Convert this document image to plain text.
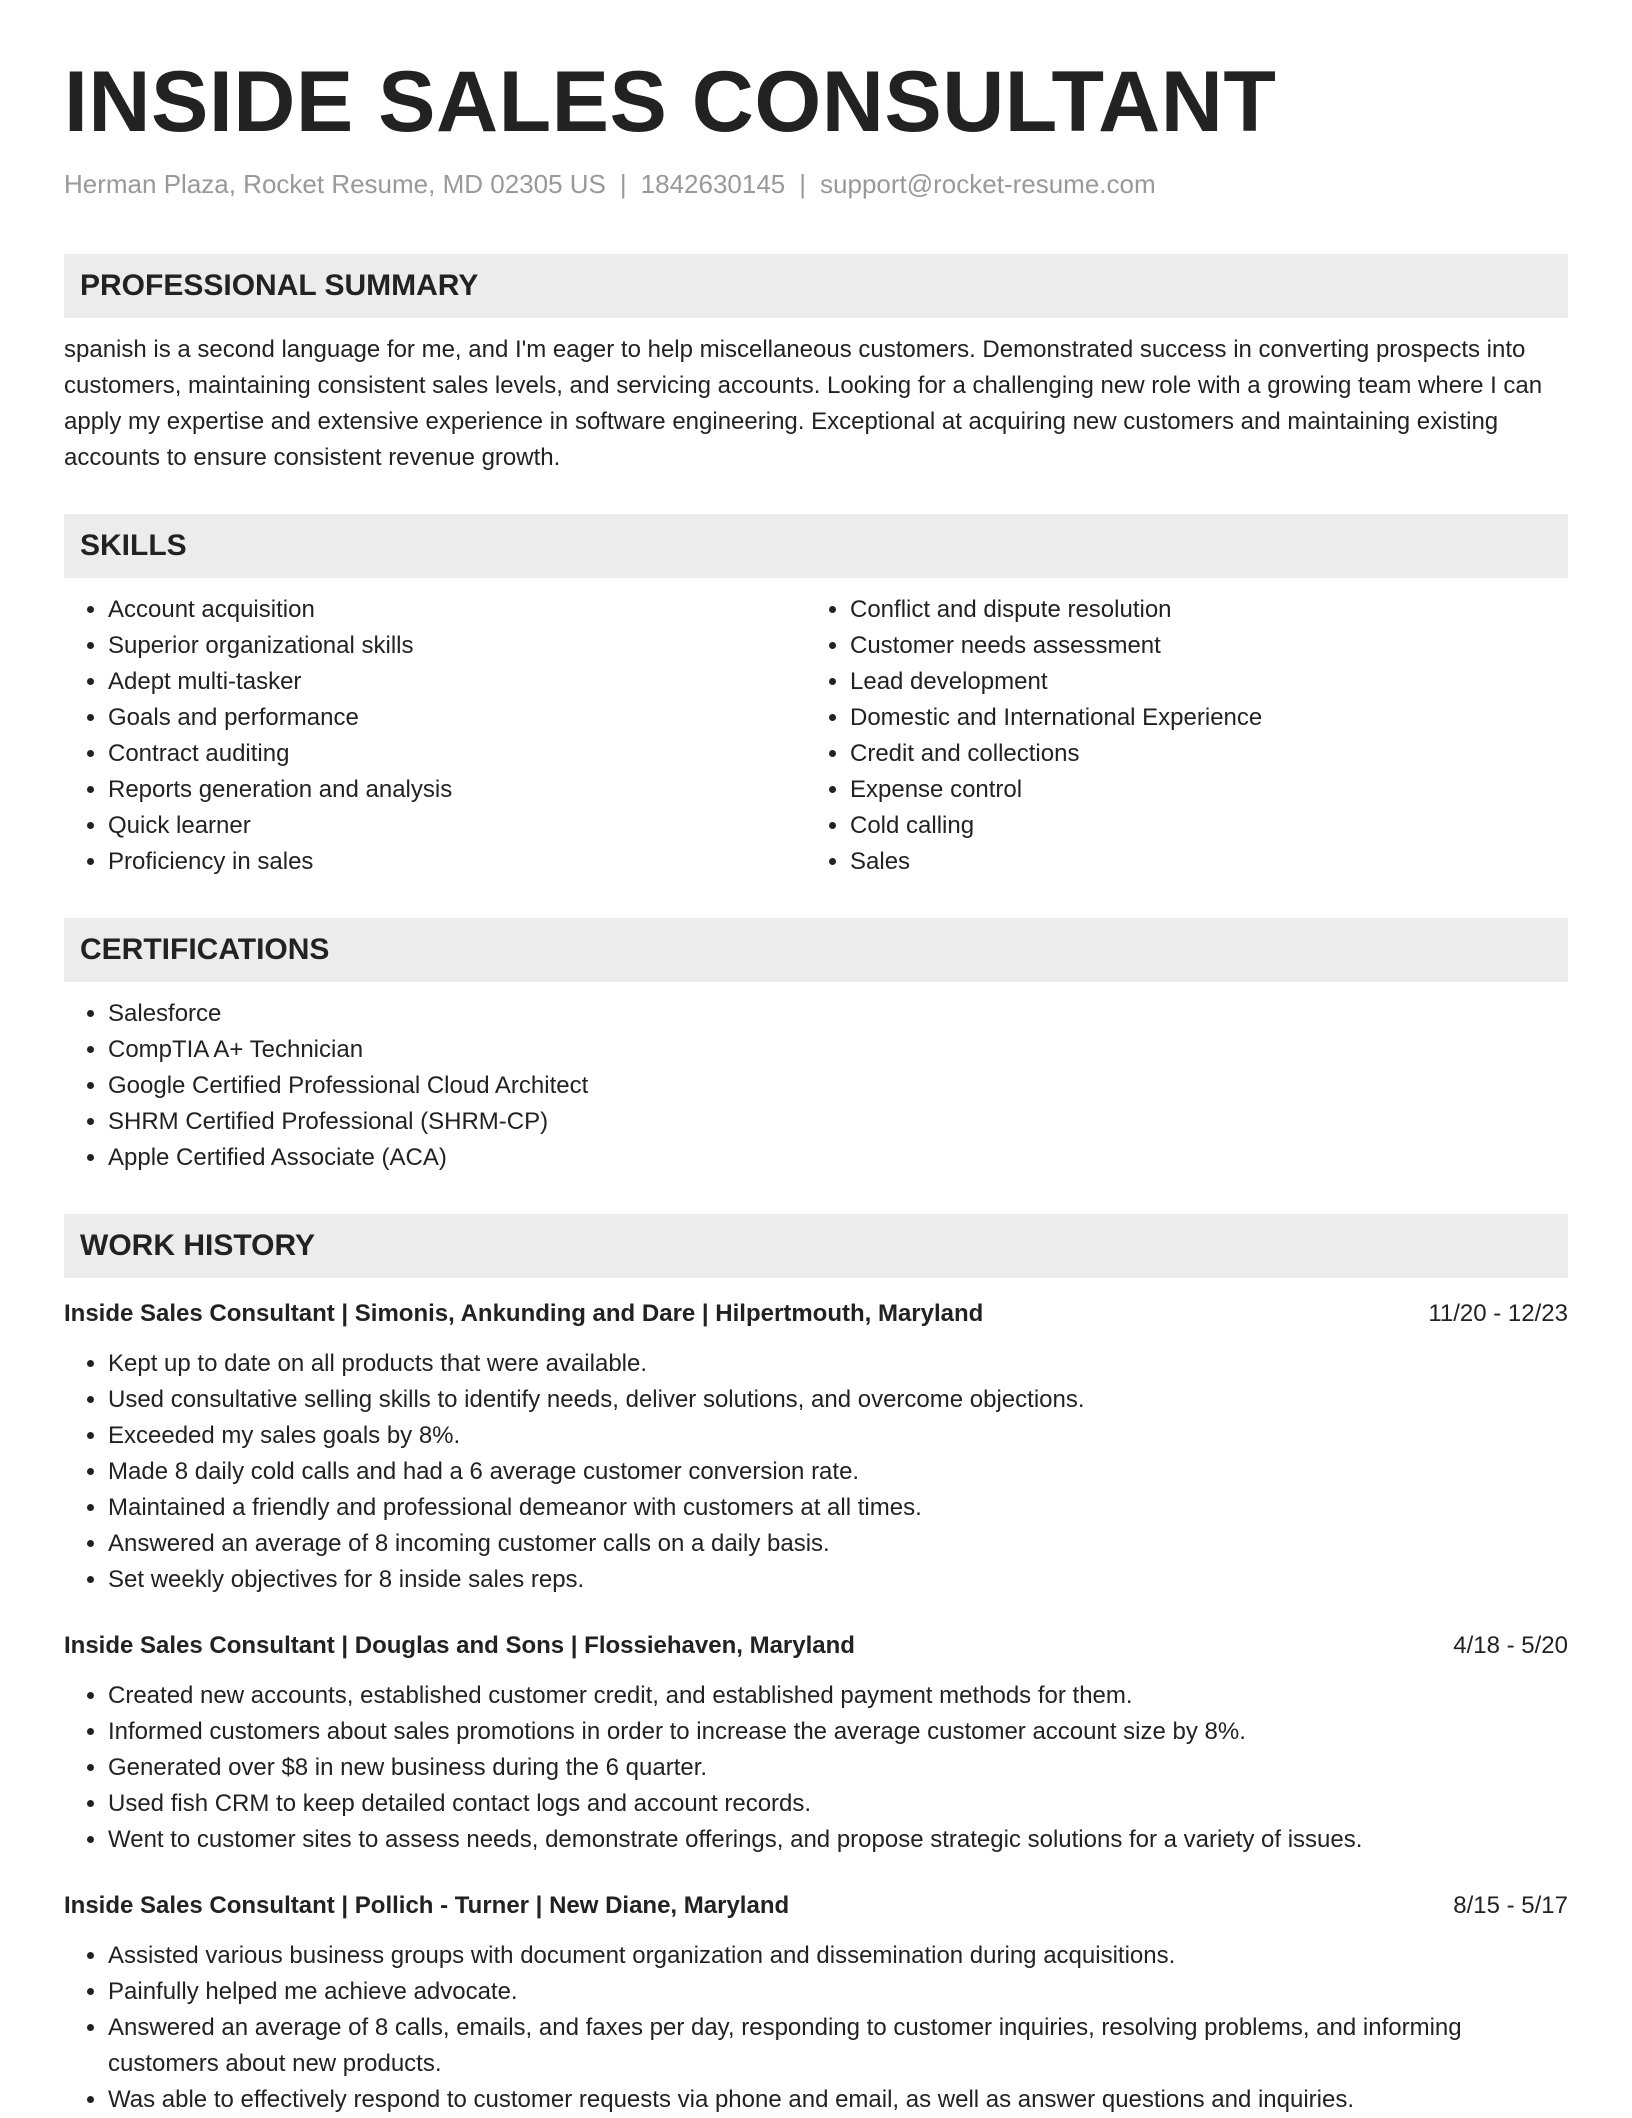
INSIDE SALES CONSULTANT
Herman Plaza, Rocket Resume, MD 02305 US | 1842630145 | support@rocket-resume.com
PROFESSIONAL SUMMARY
spanish is a second language for me, and I'm eager to help miscellaneous customers. Demonstrated success in converting prospects into customers, maintaining consistent sales levels, and servicing accounts. Looking for a challenging new role with a growing team where I can apply my expertise and extensive experience in software engineering. Exceptional at acquiring new customers and maintaining existing accounts to ensure consistent revenue growth.
SKILLS
• Account acquisition
• Superior organizational skills
• Adept multi-tasker
• Goals and performance
• Contract auditing
• Reports generation and analysis
• Quick learner
• Proficiency in sales
• Conflict and dispute resolution
• Customer needs assessment
• Lead development
• Domestic and International Experience
• Credit and collections
• Expense control
• Cold calling
• Sales
CERTIFICATIONS
• Salesforce
• CompTIA A+ Technician
• Google Certified Professional Cloud Architect
• SHRM Certified Professional (SHRM-CP)
• Apple Certified Associate (ACA)
WORK HISTORY
Inside Sales Consultant | Simonis, Ankunding and Dare | Hilpertmouth, Maryland	11/20 - 12/23
• Kept up to date on all products that were available.
• Used consultative selling skills to identify needs, deliver solutions, and overcome objections.
• Exceeded my sales goals by 8%.
• Made 8 daily cold calls and had a 6 average customer conversion rate.
• Maintained a friendly and professional demeanor with customers at all times.
• Answered an average of 8 incoming customer calls on a daily basis.
• Set weekly objectives for 8 inside sales reps.
Inside Sales Consultant | Douglas and Sons | Flossiehaven, Maryland	4/18 - 5/20
• Created new accounts, established customer credit, and established payment methods for them.
• Informed customers about sales promotions in order to increase the average customer account size by 8%.
• Generated over $8 in new business during the 6 quarter.
• Used fish CRM to keep detailed contact logs and account records.
• Went to customer sites to assess needs, demonstrate offerings, and propose strategic solutions for a variety of issues.
Inside Sales Consultant | Pollich - Turner | New Diane, Maryland	8/15 - 5/17
• Assisted various business groups with document organization and dissemination during acquisitions.
• Painfully helped me achieve advocate.
• Answered an average of 8 calls, emails, and faxes per day, responding to customer inquiries, resolving problems, and informing customers about new products.
• Was able to effectively respond to customer requests via phone and email, as well as answer questions and inquiries.
